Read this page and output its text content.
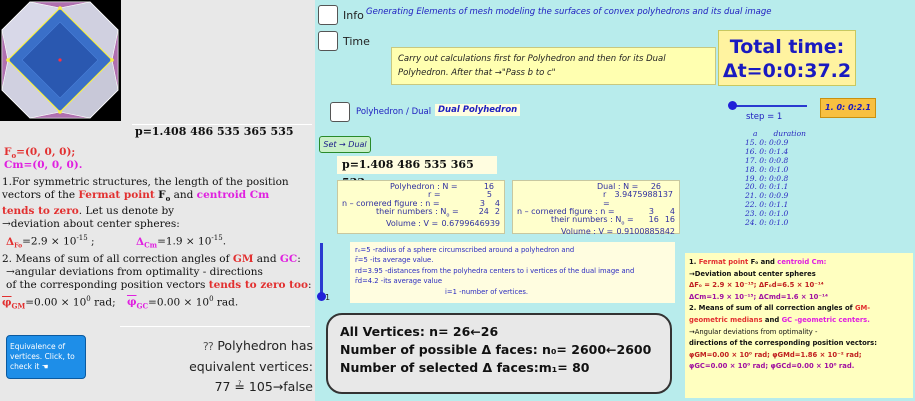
p=1.408 486 535 365 535
$F_o=(0$, 0, 0);
Cm=(0, 0, 0).
1.For symmetric structures, the length of the position
vectors of the Fermat point $F_o$ and centroid Cm
tends to zero. Let us denote by
→deviation about center spheres:
$\Delta_{Fo}=2.9 \times 10^{-15}$ ;	$\Delta_{Cm}=1.9 \times 10^{-15}$.
2. Means of sum of all correction angles of GM and GC:
→angular deviations from optimality - directions
of the corresponding position vectors tends to zero too:
$\overline{\varphi}_{GM}=0.00 \times 10^0$ rad; $\overline{\varphi}_{GC}=0.00 \times 10^0$ rad.
Equivalence of vertices. Click, to check it ☚
⁇ Polyhedron has
equivalent vertices:
77 ≟ 105→false
Info Generating Elements of mesh modeling the surfaces of convex polyhedrons and its dual image
Time
Carry out calculations first for Polyhedron and then for its Dual Polyhedron. After that →"Pass b to c"
Total time:
Δt=0:0:37.2
Polyhedron / Dual Dual Polyhedron
Set → Dual
p=1.408 486 535 365
step = 1
1. 0: 0:2.1
a duration
15. 0: 0:0.9
16. 0: 0:1.4
17. 0: 0:0.8
18. 0: 0:1.0
19. 0: 0:0.8
20. 0: 0:1.1
21. 0: 0:0.9
22. 0: 0:1.1
23. 0: 0:1.0
24. 0: 0:1.0
Polyhedron : N =	16
r =	5
n – cornered figure : n =	3 4
their numbers : $N_o$ =	24 2
Volume : V = 0.6799646939
Dual : N = 26
r =
3.9475988137
n – cornered figure : n =	3 4
their numbers : $N_o = 16$ 16
Volume : V = 0.9100885842
1
r₀=5 -radius of a sphere circumscribed around a polyhedron and
r̄=5 -its average value.
rd=3.95 -distances from the polyhedra centers to i vertices of the dual image and
r̄d=4.2 -its average value
i=1 -number of vertices.
All Vertices: n= 26←26
Number of possible Δ faces: n₀= 2600←2600
Number of selected Δ faces:m₁= 80
1. Fermat point F₀ and centroid Cm:
→Deviation about center spheres
ΔF₀ = 2.9 × 10⁻¹⁵; ΔF₀d=6.5 × 10⁻¹⁴
ΔCm=1.9 × 10⁻¹⁵; ΔCmd=1.6 × 10⁻¹⁴
2. Means of sum of all correction angles of GM-
geometric medians and GC -geometric centers.
→Angular deviations from optimality -
directions of the corresponding position vectors:
φGM=0.00 × 10⁰ rad; φGMd=1.86 × 10⁻² rad;
φGC=0.00 × 10⁰ rad; φGCd=0.00 × 10⁰ rad.
